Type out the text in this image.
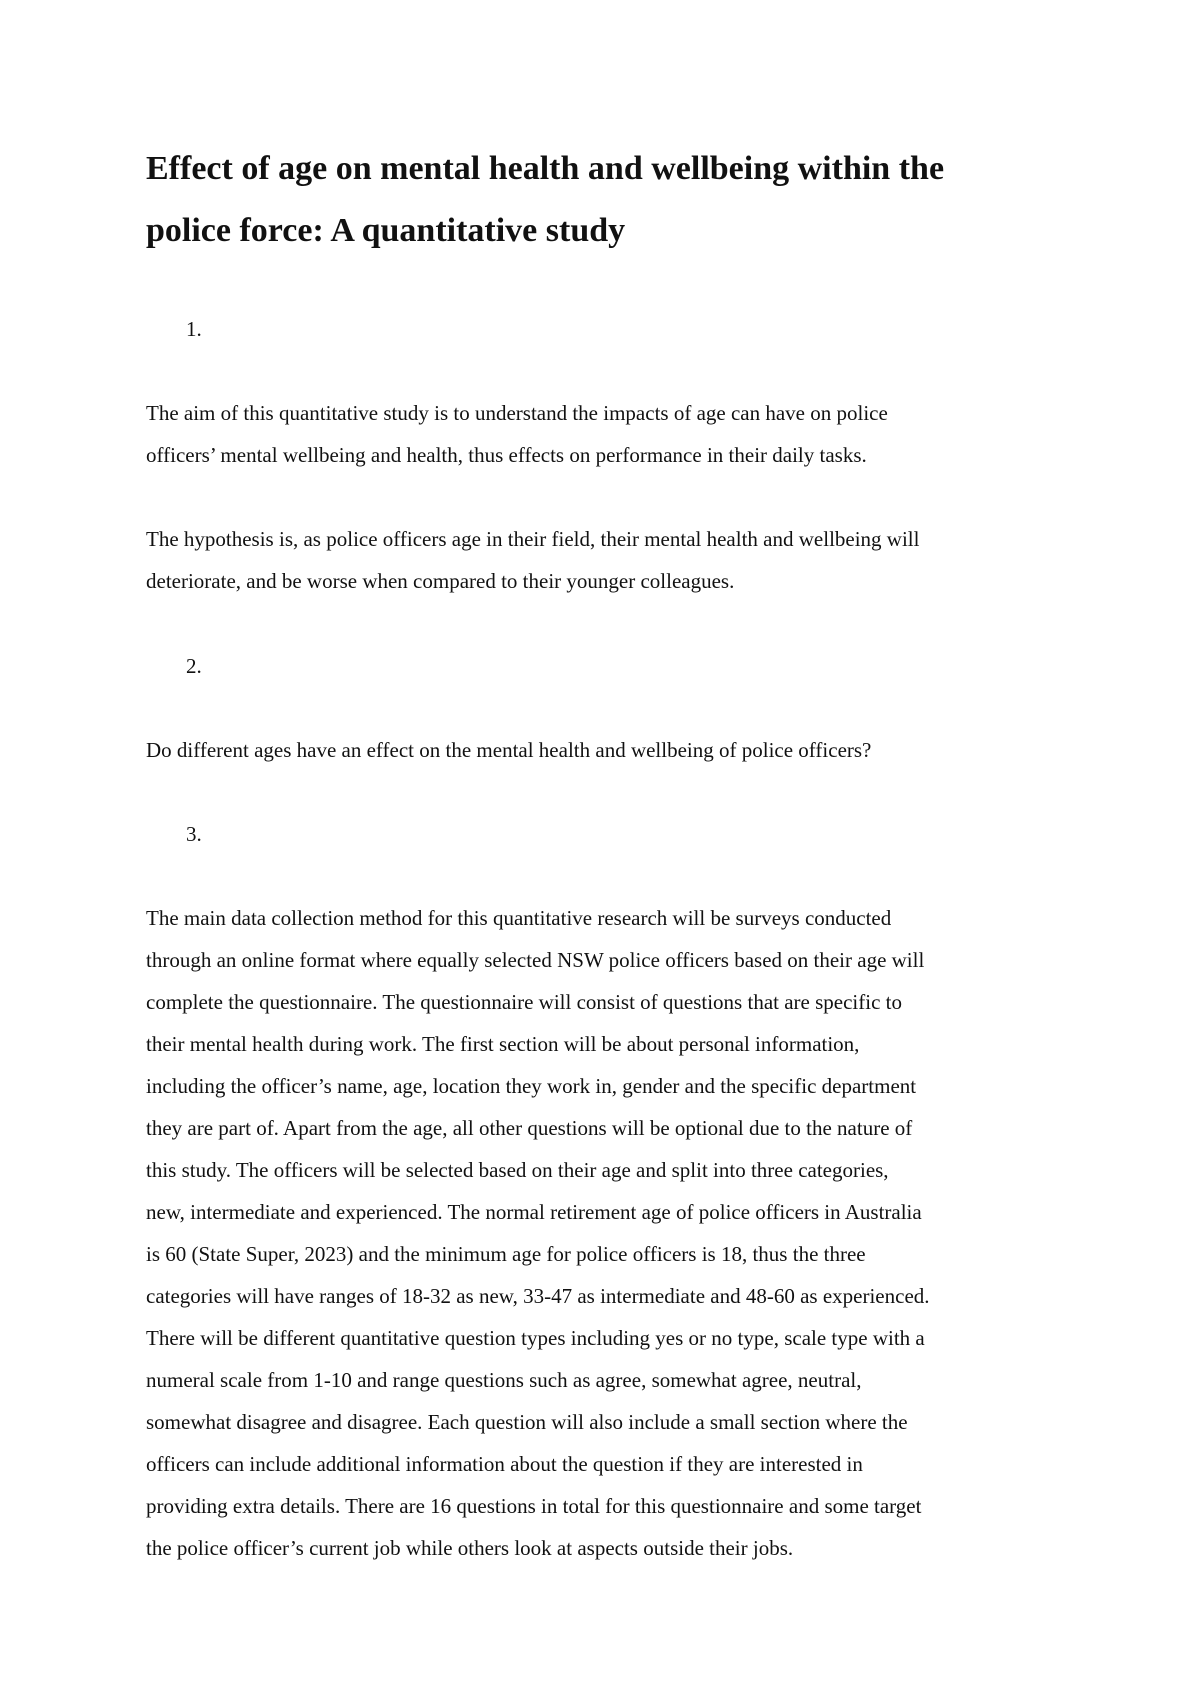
Effect of age on mental health and wellbeing within the
police force: A quantitative study

1.

The aim of this quantitative study is to understand the impacts of age can have on police
officers’ mental wellbeing and health, thus effects on performance in their daily tasks.

The hypothesis is, as police officers age in their field, their mental health and wellbeing will
deteriorate, and be worse when compared to their younger colleagues.

2.

Do different ages have an effect on the mental health and wellbeing of police officers?

3.

The main data collection method for this quantitative research will be surveys conducted
through an online format where equally selected NSW police officers based on their age will
complete the questionnaire. The questionnaire will consist of questions that are specific to
their mental health during work. The first section will be about personal information,
including the officer’s name, age, location they work in, gender and the specific department
they are part of. Apart from the age, all other questions will be optional due to the nature of
this study. The officers will be selected based on their age and split into three categories,
new, intermediate and experienced. The normal retirement age of police officers in Australia
is 60 (State Super, 2023) and the minimum age for police officers is 18, thus the three
categories will have ranges of 18-32 as new, 33-47 as intermediate and 48-60 as experienced.
There will be different quantitative question types including yes or no type, scale type with a
numeral scale from 1-10 and range questions such as agree, somewhat agree, neutral,
somewhat disagree and disagree. Each question will also include a small section where the
officers can include additional information about the question if they are interested in
providing extra details. There are 16 questions in total for this questionnaire and some target
the police officer’s current job while others look at aspects outside their jobs.
